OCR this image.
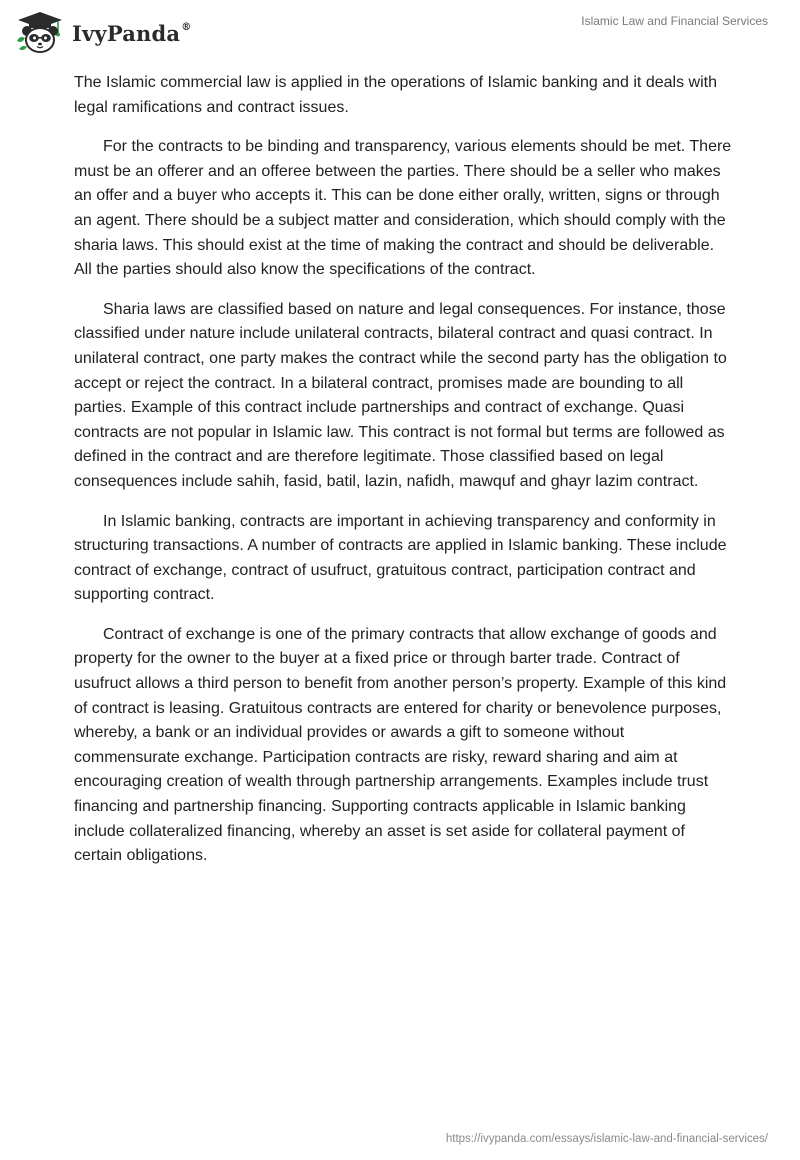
IvyPanda®	Islamic Law and Financial Services

The Islamic commercial law is applied in the operations of Islamic banking and it deals with legal ramifications and contract issues.

For the contracts to be binding and transparency, various elements should be met. There must be an offerer and an offeree between the parties. There should be a seller who makes an offer and a buyer who accepts it. This can be done either orally, written, signs or through an agent. There should be a subject matter and consideration, which should comply with the sharia laws. This should exist at the time of making the contract and should be deliverable. All the parties should also know the specifications of the contract.

Sharia laws are classified based on nature and legal consequences. For instance, those classified under nature include unilateral contracts, bilateral contract and quasi contract. In unilateral contract, one party makes the contract while the second party has the obligation to accept or reject the contract. In a bilateral contract, promises made are bounding to all parties. Example of this contract include partnerships and contract of exchange. Quasi contracts are not popular in Islamic law. This contract is not formal but terms are followed as defined in the contract and are therefore legitimate. Those classified based on legal consequences include sahih, fasid, batil, lazin, nafidh, mawquf and ghayr lazim contract.

In Islamic banking, contracts are important in achieving transparency and conformity in structuring transactions. A number of contracts are applied in Islamic banking. These include contract of exchange, contract of usufruct, gratuitous contract, participation contract and supporting contract.

Contract of exchange is one of the primary contracts that allow exchange of goods and property for the owner to the buyer at a fixed price or through barter trade. Contract of usufruct allows a third person to benefit from another person’s property. Example of this kind of contract is leasing. Gratuitous contracts are entered for charity or benevolence purposes, whereby, a bank or an individual provides or awards a gift to someone without commensurate exchange. Participation contracts are risky, reward sharing and aim at encouraging creation of wealth through partnership arrangements. Examples include trust financing and partnership financing. Supporting contracts applicable in Islamic banking include collateralized financing, whereby an asset is set aside for collateral payment of certain obligations.

https://ivypanda.com/essays/islamic-law-and-financial-services/
